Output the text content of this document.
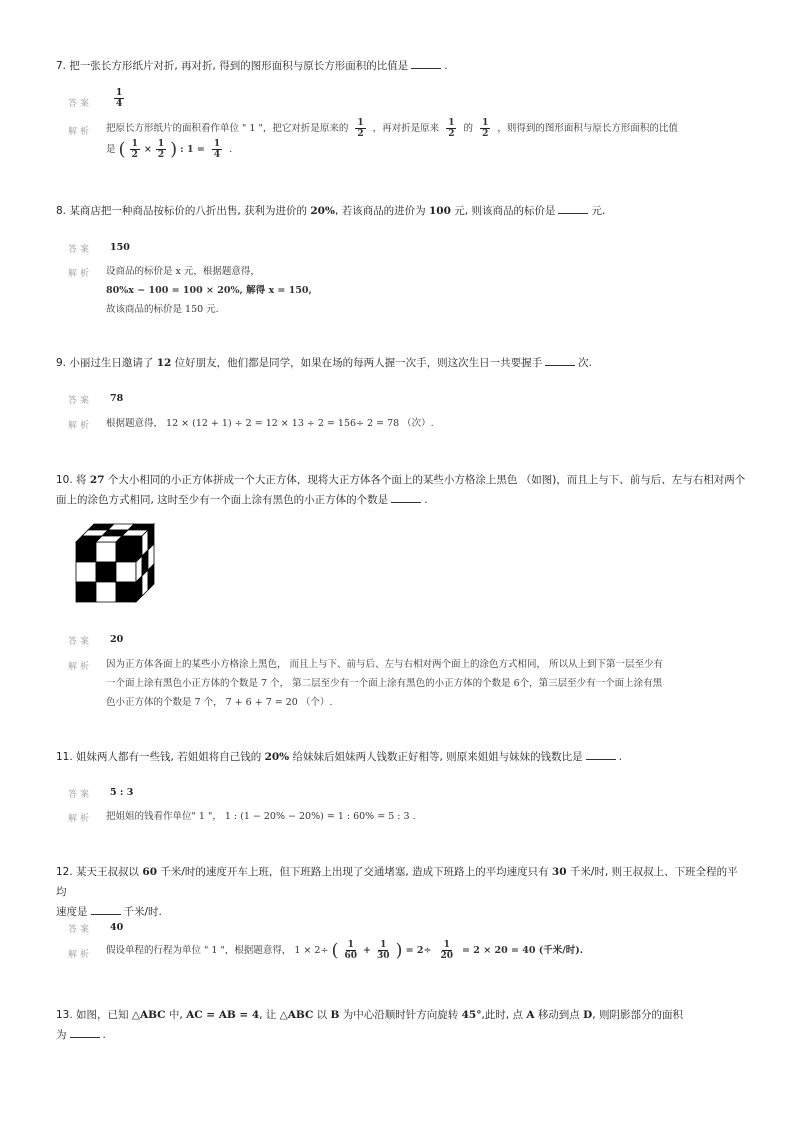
7. 把一张长方形纸片对折, 再对折, 得到的图形面积与原长方形面积的比值是	.
答案 $\frac{1}{4}$
解析 把原长方形纸片的面积看作单位 " 1 "，把它对折是原来的 $\frac{1}{2}$ ，再对折是原来 $\frac{1}{2}$ 的 $\frac{1}{2}$ ，则得到的图形面积与原长方形面积的比值
是 ( $\frac{1}{2} \times \frac{1}{2}$ ) : $1 = \frac{1}{4}$ .
8. 某商店把一种商品按标价的八折出售, 获利为进价的 20%, 若该商品的进价为 100 元, 则该商品的标价是	元.
答案 150
解析 设商品的标价是 x 元，根据题意得，
80%x − 100 = 100 × 20%, 解得 x = 150,
故该商品的标价是 150 元.
9. 小丽过生日邀请了 12 位好朋友，他们都是同学，如果在场的每两人握一次手，则这次生日一共要握手	次.
答案 78
解析 根据题意得， 12 × (12 + 1) ÷ 2 = 12 × 13 ÷ 2 = 156÷ 2 = 78 （次）.
10. 将 27 个大小相同的小正方体拼成一个大正方体，现将大正方体各个面上的某些小方格涂上黑色 （如图)，而且上与下、前与后、左与右相对两个
面上的涂色方式相同, 这时至少有一个面上涂有黑色的小正方体的个数是	.
答案 20
解析 因为正方体各面上的某些小方格涂上黑色， 而且上与下、前与后、左与右相对两个面上的涂色方式相同， 所以从上到下第一层至少有
一个面上涂有黑色小正方体的个数是 7 个， 第二层至少有一个面上涂有黑色的小正方体的个数是 6个，第三层至少有一个面上涂有黑
色小正方体的个数是 7 个， 7 + 6 + 7 = 20 （个）.
11. 姐妹两人都有一些钱, 若姐姐将自己钱的 20% 给妹妹后姐妹两人钱数正好相等, 则原来姐姐与妹妹的钱数比是	.
答案 5 : 3
解析 把姐姐的钱看作单位" 1 "， 1 : (1 − 20% − 20%) = 1 : 60% = 5 : 3 .
12. 某天王叔叔以 60 千米/时的速度开车上班，但下班路上出现了交通堵塞, 造成下班路上的平均速度只有 30 千米/时, 则王叔叔上、下班全程的平均
速度是	千米/时.
答案 40
解析 假设单程的行程为单位 " 1 "，根据题意得， 1 × 2÷ ( $\frac{1}{60} + \frac{1}{30}$ ) = $2\div \frac{1}{20} = 2 \times 20 = 40$ (千米/时).
13. 如图，已知 △ABC 中, AC = AB = 4, 让 △ABC 以 B 为中心沿顺时针方向旋转 45°,此时, 点 A 移动到点 D, 则阴影部分的面积
为	.
